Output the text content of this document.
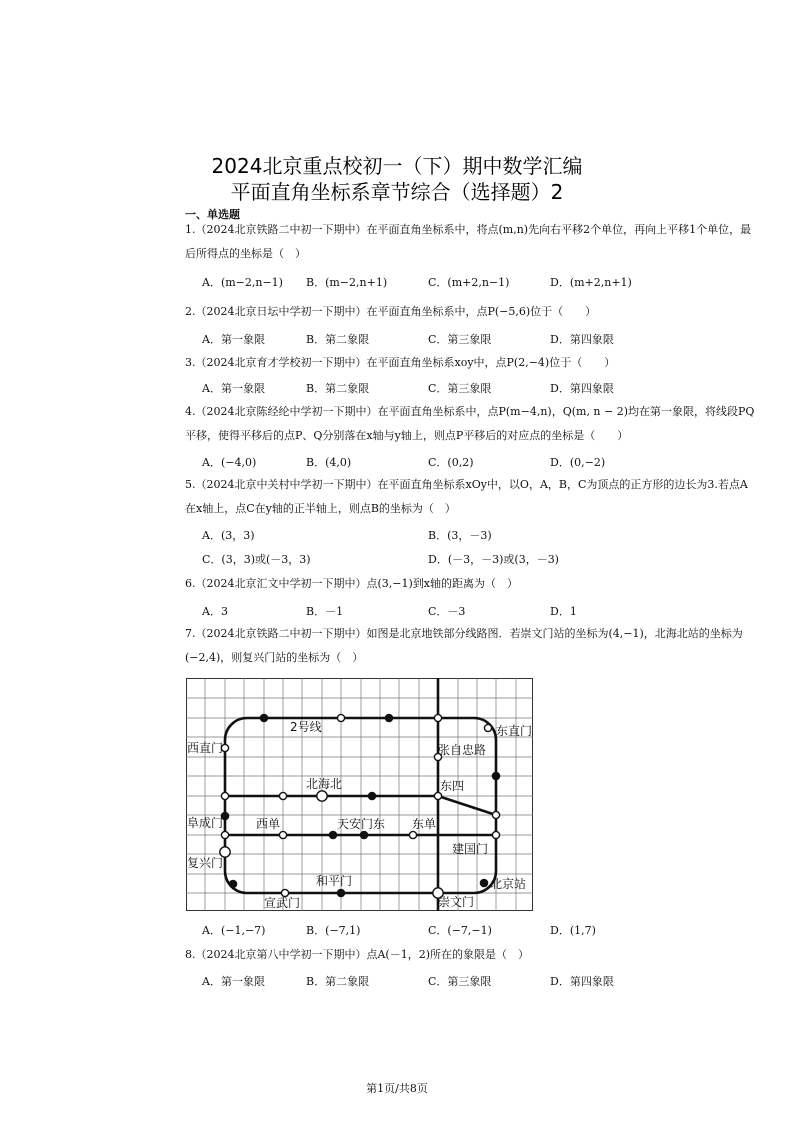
2024北京重点校初一（下）期中数学汇编
平面直角坐标系章节综合（选择题）2
一、单选题
1.（2024北京铁路二中初一下期中）在平面直角坐标系中，将点(m,n)先向右平移2个单位，再向上平移1个单位，最后所得点的坐标是（　）
A．(m−2,n−1) B．(m−2,n+1)	C．(m+2,n−1)	D．(m+2,n+1)
2.（2024北京日坛中学初一下期中）在平面直角坐标系中，点P(−5,6)位于（　　）
A．第一象限	B．第二象限	C．第三象限	D．第四象限
3.（2024北京育才学校初一下期中）在平面直角坐标系xoy中，点P(2,−4)位于（　　）
A．第一象限	B．第二象限	C．第三象限	D．第四象限
4.（2024北京陈经纶中学初一下期中）在平面直角坐标系中，点P(m−4,n)，Q(m, n − 2)均在第一象限，将线段PQ平移，使得平移后的点P、Q分别落在x轴与y轴上，则点P平移后的对应点的坐标是（　　）
A．(−4,0)	B．(4,0)	C．(0,2)	D．(0,−2)
5.（2024北京中关村中学初一下期中）在平面直角坐标系xOy中，以O，A，B，C为顶点的正方形的边长为3.若点A在x轴上，点C在y轴的正半轴上，则点B的坐标为（　）
A．(3，3)	B．(3，－3)
C．(3，3)或(－3，3)	D．(－3，－3)或(3，－3)
6.（2024北京汇文中学初一下期中）点(3,−1)到x轴的距离为（　）
A．3	B．－1	C．－3	D．1
7.（2024北京铁路二中初一下期中）如图是北京地铁部分线路图．若崇文门站的坐标为(4,−1)，北海北站的坐标为(−2,4)，则复兴门站的坐标为（　）
2号线	东直门
西直门	张自忠路
北海北	东四
阜成门	西单	天安门东 东单
建国门
复兴门
和平门	北京站
宣武门	崇文门
A．(−1,−7)	B．(−7,1)	C．(−7,−1)	D．(1,7)
8.（2024北京第八中学初一下期中）点A(－1，2)所在的象限是（　）
A．第一象限	B．第二象限	C．第三象限	D．第四象限
第1页/共8页
